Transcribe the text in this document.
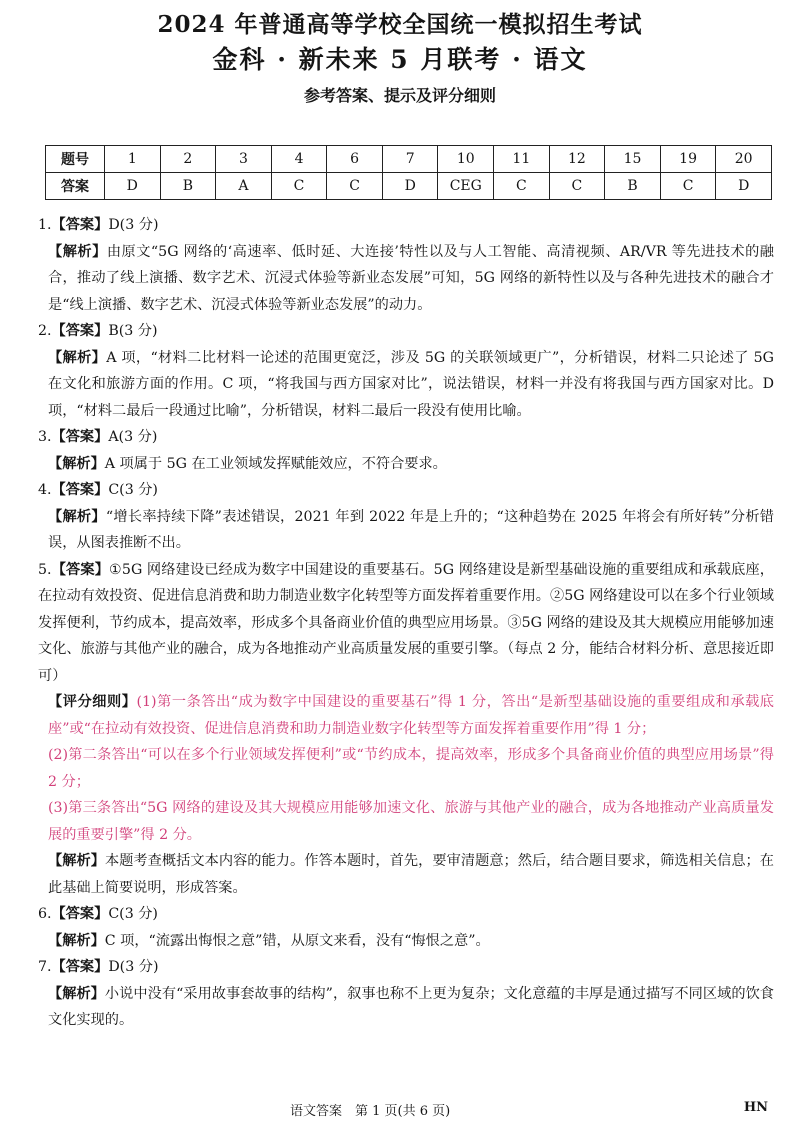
2024 年普通高等学校全国统一模拟招生考试
金科 · 新未来 5 月联考 · 语文
参考答案、提示及评分细则
题号	1	2	3	4	6	7	10	11	12	15	19	20
答案	D	B	A	C	C	D	CEG	C	C	B	C	D

1.【答案】D(3 分)

【解析】由原文“5G 网络的‘高速率、低时延、大连接’特性以及与人工智能、高清视频、AR/VR 等先进技术的融合，推动了线上演播、数字艺术、沉浸式体验等新业态发展”可知，5G 网络的新特性以及与各种先进技术的融合才是“线上演播、数字艺术、沉浸式体验等新业态发展”的动力。

2.【答案】B(3 分)

【解析】A 项，“材料二比材料一论述的范围更宽泛，涉及 5G 的关联领域更广”，分析错误，材料二只论述了 5G 在文化和旅游方面的作用。C 项，“将我国与西方国家对比”，说法错误，材料一并没有将我国与西方国家对比。D 项，“材料二最后一段通过比喻”，分析错误，材料二最后一段没有使用比喻。

3.【答案】A(3 分)

【解析】A 项属于 5G 在工业领域发挥赋能效应，不符合要求。

4.【答案】C(3 分)

【解析】“增长率持续下降”表述错误，2021 年到 2022 年是上升的；“这种趋势在 2025 年将会有所好转”分析错误，从图表推断不出。

5.【答案】①5G 网络建设已经成为数字中国建设的重要基石。5G 网络建设是新型基础设施的重要组成和承载底座，在拉动有效投资、促进信息消费和助力制造业数字化转型等方面发挥着重要作用。②5G 网络建设可以在多个行业领域发挥便利，节约成本，提高效率，形成多个具备商业价值的典型应用场景。③5G 网络的建设及其大规模应用能够加速文化、旅游与其他产业的融合，成为各地推动产业高质量发展的重要引擎。（每点 2 分，能结合材料分析、意思接近即可）

【评分细则】(1)第一条答出“成为数字中国建设的重要基石”得 1 分，答出“是新型基础设施的重要组成和承载底座”或“在拉动有效投资、促进信息消费和助力制造业数字化转型等方面发挥着重要作用”得 1 分；

(2)第二条答出“可以在多个行业领域发挥便利”或“节约成本，提高效率，形成多个具备商业价值的典型应用场景”得 2 分；

(3)第三条答出“5G 网络的建设及其大规模应用能够加速文化、旅游与其他产业的融合，成为各地推动产业高质量发展的重要引擎”得 2 分。

【解析】本题考查概括文本内容的能力。作答本题时，首先，要审清题意；然后，结合题目要求，筛选相关信息；在此基础上简要说明，形成答案。

6.【答案】C(3 分)

【解析】C 项，“流露出悔恨之意”错，从原文来看，没有“悔恨之意”。

7.【答案】D(3 分)

【解析】小说中没有“采用故事套故事的结构”，叙事也称不上更为复杂；文化意蕴的丰厚是通过描写不同区域的饮食文化实现的。

语文答案　第 1 页(共 6 页)	HN
